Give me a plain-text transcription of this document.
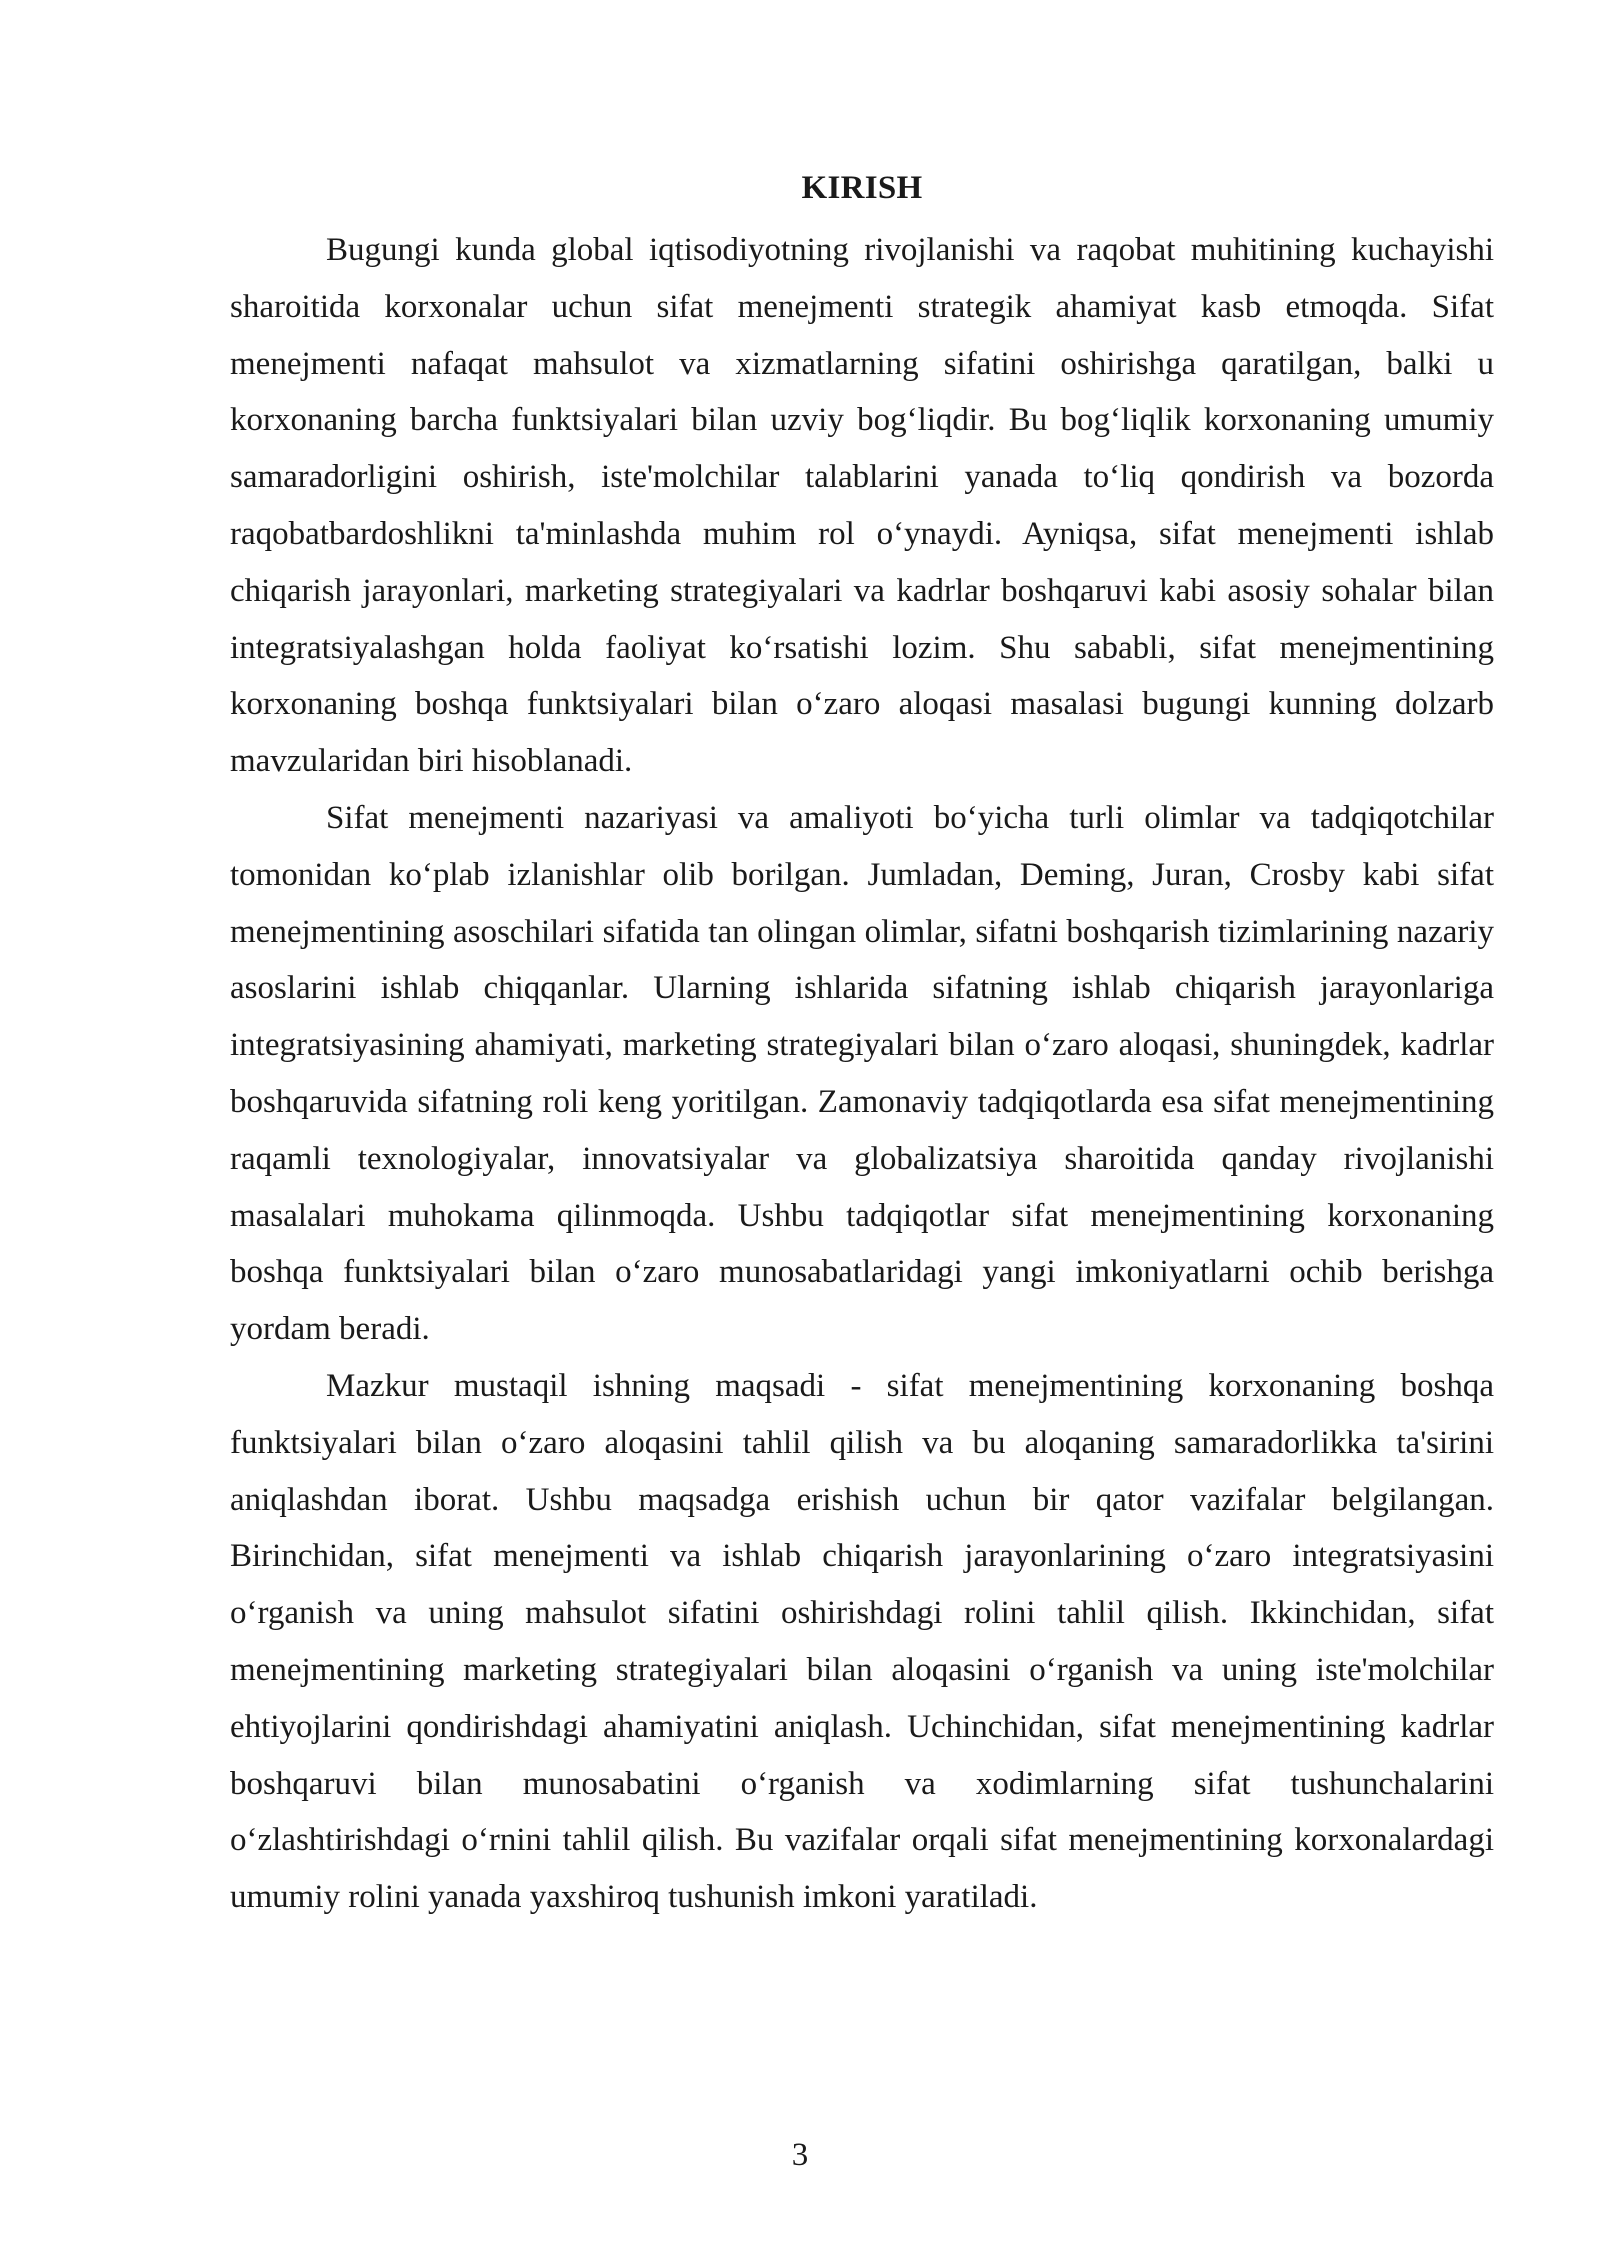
KIRISH

Bugungi kunda global iqtisodiyotning rivojlanishi va raqobat muhitining kuchayishi sharoitida korxonalar uchun sifat menejmenti strategik ahamiyat kasb etmoqda. Sifat menejmenti nafaqat mahsulot va xizmatlarning sifatini oshirishga qaratilgan, balki u korxonaning barcha funktsiyalari bilan uzviy bog‘liqdir. Bu bog‘liqlik korxonaning umumiy samaradorligini oshirish, iste'molchilar talablarini yanada to‘liq qondirish va bozorda raqobatbardoshlikni ta'minlashda muhim rol o‘ynaydi. Ayniqsa, sifat menejmenti ishlab chiqarish jarayonlari, marketing strategiyalari va kadrlar boshqaruvi kabi asosiy sohalar bilan integratsiyalashgan holda faoliyat ko‘rsatishi lozim. Shu sababli, sifat menejmentining korxonaning boshqa funktsiyalari bilan o‘zaro aloqasi masalasi bugungi kunning dolzarb mavzularidan biri hisoblanadi.

Sifat menejmenti nazariyasi va amaliyoti bo‘yicha turli olimlar va tadqiqotchilar tomonidan ko‘plab izlanishlar olib borilgan. Jumladan, Deming, Juran, Crosby kabi sifat menejmentining asoschilari sifatida tan olingan olimlar, sifatni boshqarish tizimlarining nazariy asoslarini ishlab chiqqanlar. Ularning ishlarida sifatning ishlab chiqarish jarayonlariga integratsiyasining ahamiyati, marketing strategiyalari bilan o‘zaro aloqasi, shuningdek, kadrlar boshqaruvida sifatning roli keng yoritilgan. Zamonaviy tadqiqotlarda esa sifat menejmentining raqamli texnologiyalar, innovatsiyalar va globalizatsiya sharoitida qanday rivojlanishi masalalari muhokama qilinmoqda. Ushbu tadqiqotlar sifat menejmentining korxonaning boshqa funktsiyalari bilan o‘zaro munosabatlaridagi yangi imkoniyatlarni ochib berishga yordam beradi.

Mazkur mustaqil ishning maqsadi - sifat menejmentining korxonaning boshqa funktsiyalari bilan o‘zaro aloqasini tahlil qilish va bu aloqaning samaradorlikka ta'sirini aniqlashdan iborat. Ushbu maqsadga erishish uchun bir qator vazifalar belgilangan. Birinchidan, sifat menejmenti va ishlab chiqarish jarayonlarining o‘zaro integratsiyasini o‘rganish va uning mahsulot sifatini oshirishdagi rolini tahlil qilish. Ikkinchidan, sifat menejmentining marketing strategiyalari bilan aloqasini o‘rganish va uning iste'molchilar ehtiyojlarini qondirishdagi ahamiyatini aniqlash. Uchinchidan, sifat menejmentining kadrlar boshqaruvi bilan munosabatini o‘rganish va xodimlarning sifat tushunchalarini o‘zlashtirishdagi o‘rnini tahlil qilish. Bu vazifalar orqali sifat menejmentining korxonalardagi umumiy rolini yanada yaxshiroq tushunish imkoni yaratiladi.

3
